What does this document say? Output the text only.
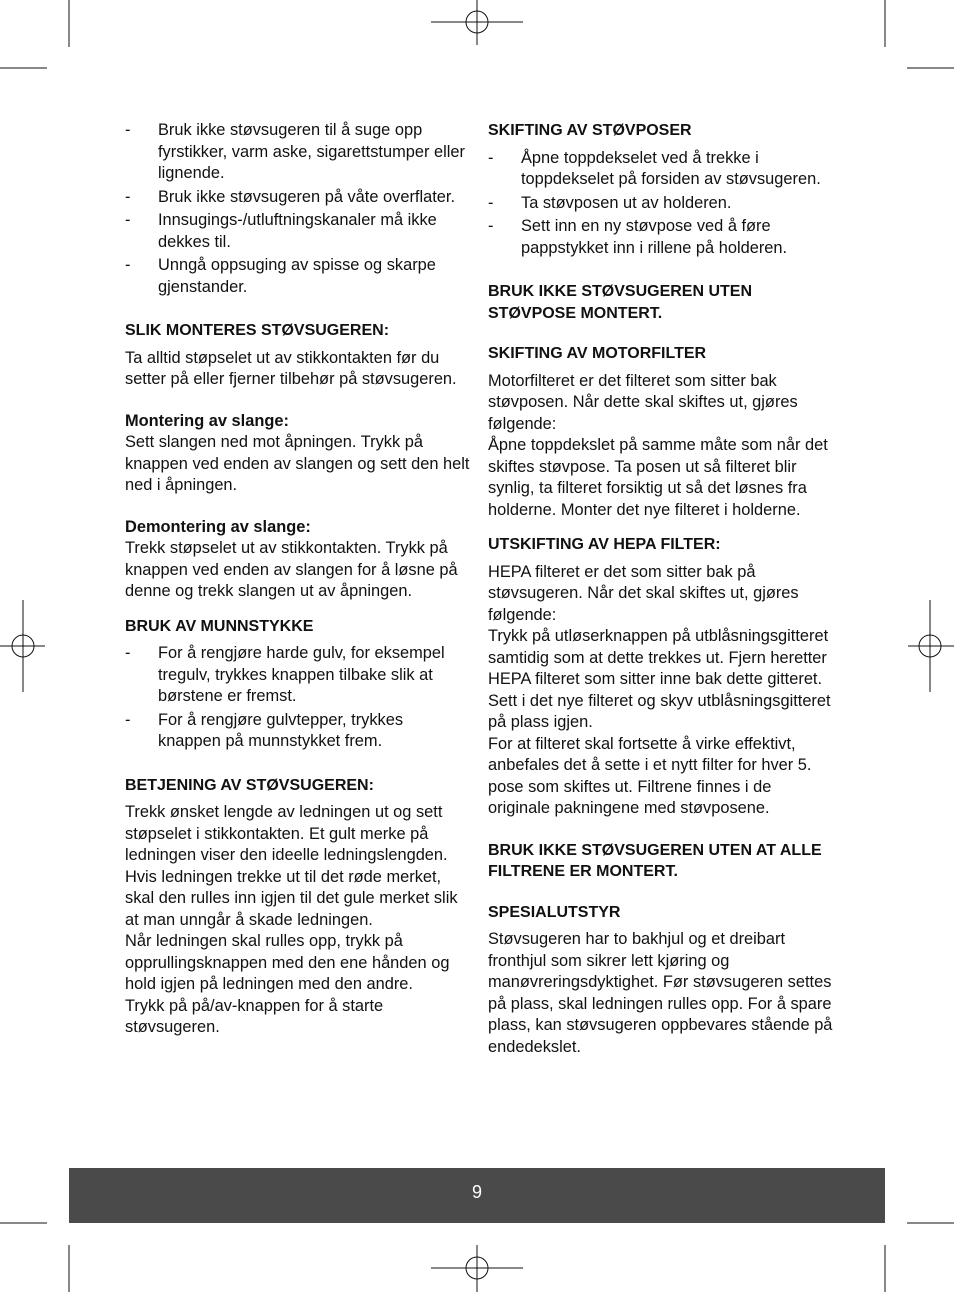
- Bruk ikke støvsugeren til å suge opp fyrstikker, varm aske, sigarettstumper eller lignende.
- Bruk ikke støvsugeren på våte overflater.
- Innsugings-/utluftningskanaler må ikke dekkes til.
- Unngå oppsuging av spisse og skarpe gjenstander.
SLIK MONTERES STØVSUGEREN:

Ta alltid støpselet ut av stikkontakten før du setter på eller fjerner tilbehør på støvsugeren.

Montering av slange:

Sett slangen ned mot åpningen. Trykk på knappen ved enden av slangen og sett den helt ned i åpningen.

Demontering av slange:

Trekk støpselet ut av stikkontakten. Trykk på knappen ved enden av slangen for å løsne på denne og trekk slangen ut av åpningen.

BRUK AV MUNNSTYKKE
- For å rengjøre harde gulv, for eksempel tregulv, trykkes knappen tilbake slik at børstene er fremst.
- For å rengjøre gulvtepper, trykkes knappen på munnstykket frem.
BETJENING AV STØVSUGEREN:

Trekk ønsket lengde av ledningen ut og sett støpselet i stikkontakten. Et gult merke på ledningen viser den ideelle ledningslengden. Hvis ledningen trekke ut til det røde merket, skal den rulles inn igjen til det gule merket slik at man unngår å skade ledningen.

Når ledningen skal rulles opp, trykk på opprullingsknappen med den ene hånden og hold igjen på ledningen med den andre.

Trykk på på/av-knappen for å starte støvsugeren.

SKIFTING AV STØVPOSER
- Åpne toppdekselet ved å trekke i toppdekselet på forsiden av støvsugeren.
- Ta støvposen ut av holderen.
- Sett inn en ny støvpose ved å føre pappstykket inn i rillene på holderen.
BRUK IKKE STØVSUGEREN UTEN STØVPOSE MONTERT.
SKIFTING AV MOTORFILTER

Motorfilteret er det filteret som sitter bak støvposen. Når dette skal skiftes ut, gjøres følgende:

Åpne toppdekslet på samme måte som når det skiftes støvpose. Ta posen ut så filteret blir synlig, ta filteret forsiktig ut så det løsnes fra holderne. Monter det nye filteret i holderne.

UTSKIFTING AV HEPA FILTER:

HEPA filteret er det som sitter bak på støvsugeren. Når det skal skiftes ut, gjøres følgende:

Trykk på utløserknappen på utblåsningsgitteret samtidig som at dette trekkes ut. Fjern heretter HEPA filteret som sitter inne bak dette gitteret. Sett i det nye filteret og skyv utblåsningsgitteret på plass igjen.

For at filteret skal fortsette å virke effektivt, anbefales det å sette i et nytt filter for hver 5. pose som skiftes ut. Filtrene finnes i de originale pakningene med støvposene.

BRUK IKKE STØVSUGEREN UTEN AT ALLE FILTRENE ER MONTERT.
SPESIALUTSTYR

Støvsugeren har to bakhjul og et dreibart fronthjul som sikrer lett kjøring og manøvreringsdyktighet. Før støvsugeren settes på plass, skal ledningen rulles opp. For å spare plass, kan støvsugeren oppbevares stående på endedekslet.

9
